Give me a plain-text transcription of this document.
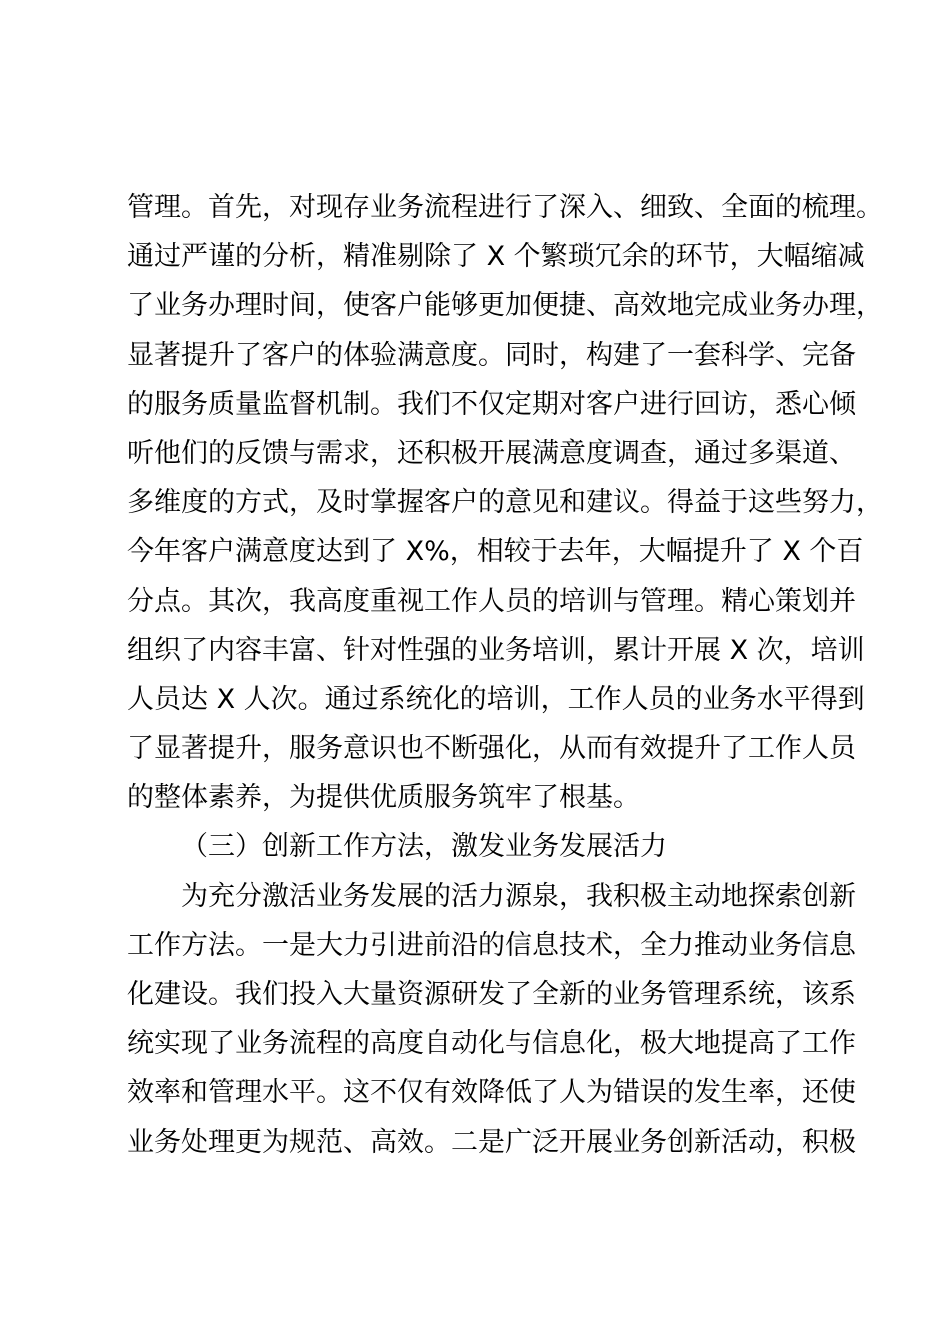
管理。首先，对现存业务流程进行了深入、细致、全面的梳理。
通过严谨的分析，精准剔除了 X 个繁琐冗余的环节，大幅缩减
了业务办理时间，使客户能够更加便捷、高效地完成业务办理，
显著提升了客户的体验满意度。同时，构建了一套科学、完备
的服务质量监督机制。我们不仅定期对客户进行回访，悉心倾
听他们的反馈与需求，还积极开展满意度调查，通过多渠道、
多维度的方式，及时掌握客户的意见和建议。得益于这些努力，
今年客户满意度达到了 X%，相较于去年，大幅提升了 X 个百
分点。其次，我高度重视工作人员的培训与管理。精心策划并
组织了内容丰富、针对性强的业务培训，累计开展 X 次，培训
人员达 X 人次。通过系统化的培训，工作人员的业务水平得到
了显著提升，服务意识也不断强化，从而有效提升了工作人员
的整体素养，为提供优质服务筑牢了根基。
（三）创新工作方法，激发业务发展活力
为充分激活业务发展的活力源泉，我积极主动地探索创新
工作方法。一是大力引进前沿的信息技术，全力推动业务信息
化建设。我们投入大量资源研发了全新的业务管理系统，该系
统实现了业务流程的高度自动化与信息化，极大地提高了工作
效率和管理水平。这不仅有效降低了人为错误的发生率，还使
业务处理更为规范、高效。二是广泛开展业务创新活动，积极
